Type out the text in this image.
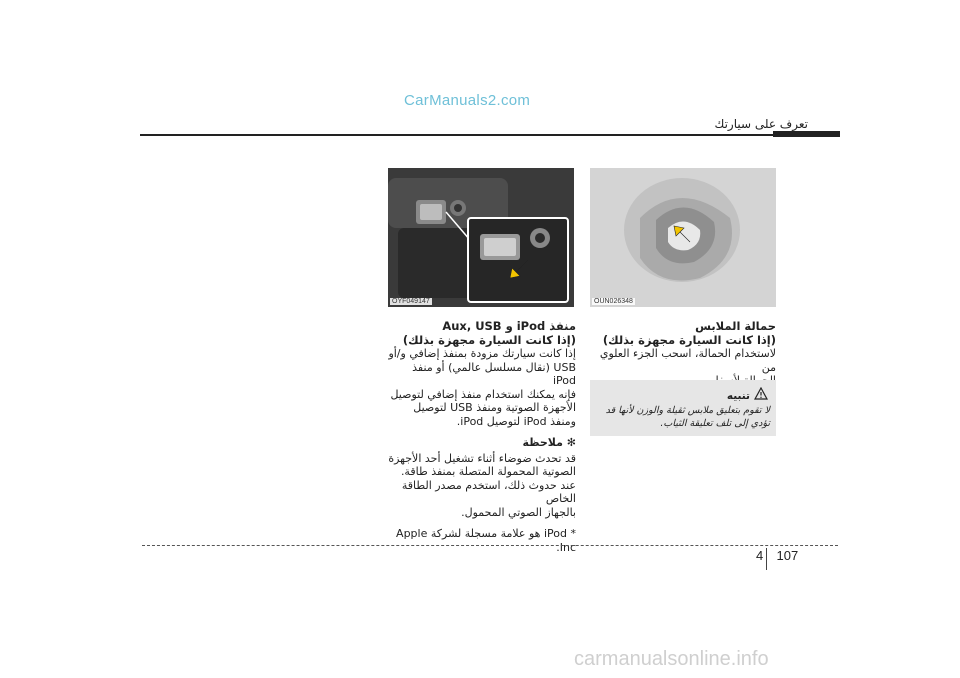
CarManuals2.com
تعرف على سيارتك
OYF049147	OUN026348
منفذ iPod و Aux, USB
(إذا كانت السيارة مجهزة بذلك)
إذا كانت سيارتك مزودة بمنفذ إضافي و/أو
USB (نقال مسلسل عالمي) أو منفذ iPod
فإنه يمكنك استخدام منفذ إضافي لتوصيل
الأجهزة الصوتية ومنفذ USB لتوصيل
ومنفذ iPod لتوصيل iPod.
✻ ملاحظة
قد تحدث ضوضاء أثناء تشغيل أحد الأجهزة
الصوتية المحمولة المتصلة بمنفذ طاقة.
عند حدوث ذلك، استخدم مصدر الطاقة الخاص
بالجهاز الصوتي المحمول.
* iPod هو علامة مسجلة لشركة Apple Inc.
حمالة الملابس
(إذا كانت السيارة مجهزة بذلك)
لاستخدام الحمالة، اسحب الجزء العلوي من
تنبيه
لا تقوم بتعليق ملابس ثقيلة والوزن لأنها قد
تؤدي إلى تلف تعليقة الثياب.
4 107
carmanualsonline.info
